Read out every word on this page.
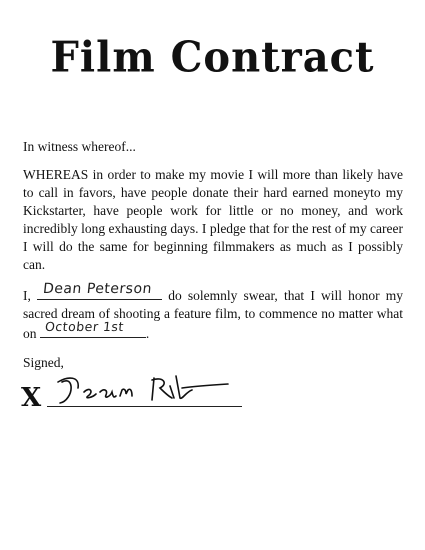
Film Contract
In witness whereof...
WHEREAS in order to make my movie I will more than likely have to call in favors, have people donate their hard earned moneyto my Kickstarter, have people work for little or no money, and work incredibly long exhausting days. I pledge that for the rest of my career I will do the same for beginning filmmakers as much as I possibly can.
I, Dean Peterson do solemnly swear, that I will honor my sacred dream of shooting a feature film, to commence no matter what on October 1st .
Signed,
X
